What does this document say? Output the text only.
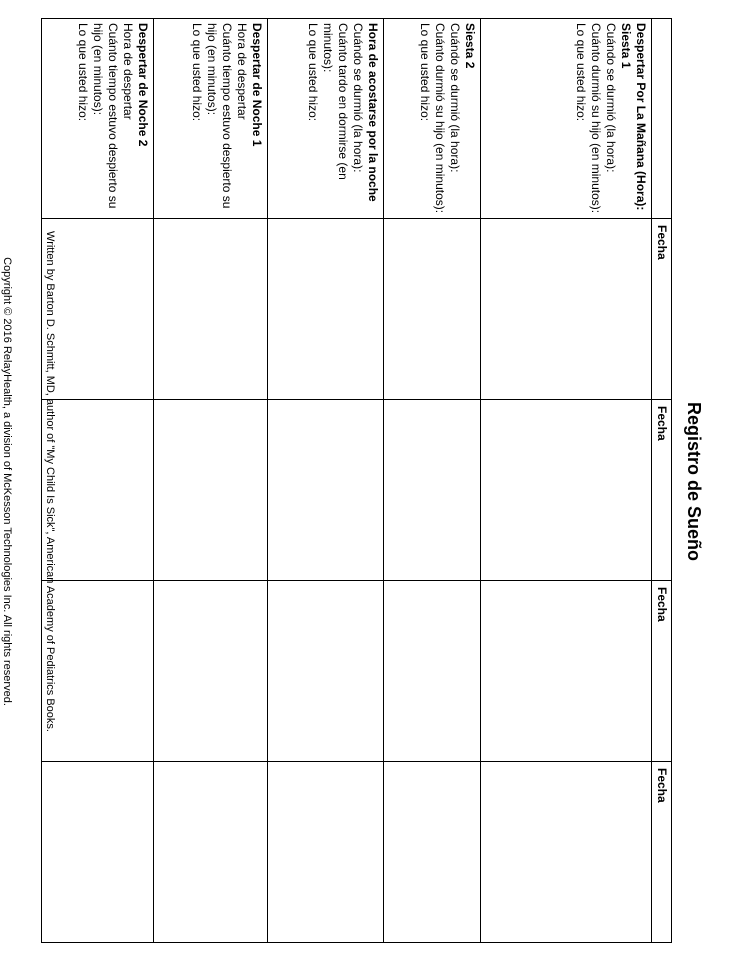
Registro de Sueño
	Fecha	Fecha	Fecha	Fecha

Despertar Por La Mañana (Hora):
Siesta 1
Cuándo se durmió (la hora):
Cuánto durmió su hijo (en minutos):
Lo que usted hizo:				

Siesta 2
Cuándo se durmió (la hora):
Cuánto durmió su hijo (en minutos):
Lo que usted hizo:				

Hora de acostarse por la noche
Cuándo se durmió (la hora):
Cuánto tardo en dormirse (en minutos):
Lo que usted hizo:				

Despertar de Noche 1
Hora de despertar
Cuánto tiempo estuvo despierto su hijo (en minutos):
Lo que usted hizo:				

Despertar de Noche 2
Hora de despertar
Cuánto tiempo estuvo despierto su hijo (en minutos):
Lo que usted hizo:				

Written by Barton D. Schmitt, MD, author of "My Child Is Sick", American Academy of Pediatrics Books.
Copyright © 2016 RelayHealth, a division of McKesson Technologies Inc. All rights reserved.
